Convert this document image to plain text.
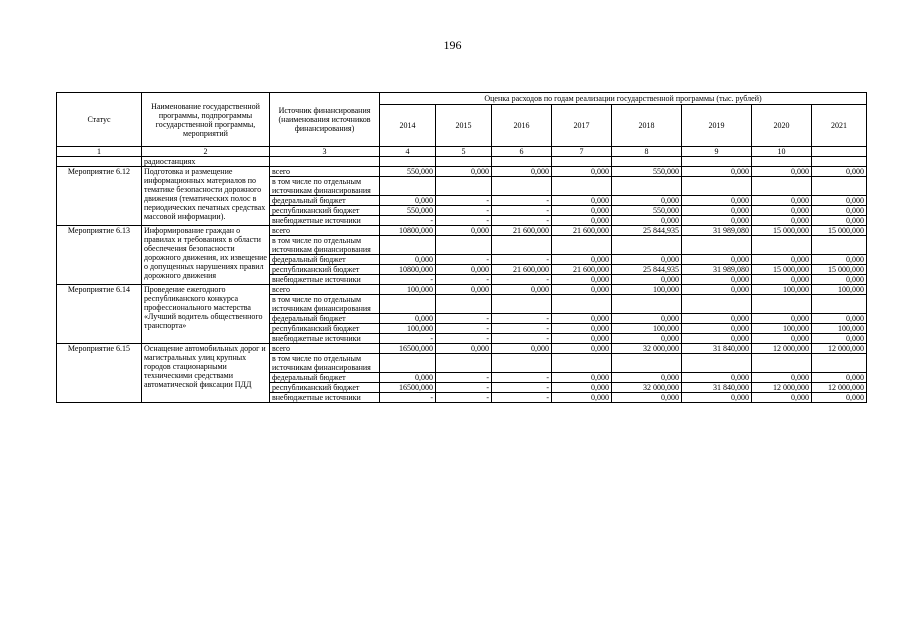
196
Статус	Наименование государственной программы, подпрограммы государственной программы, мероприятий	Источник финансирования (наименования источников финансирования)	Оценка расходов по годам реализации государственной программы (тыс. рублей)							
			2014	2015	2016	2017	2018	2019	2020	2021
1	2	3	4	5	6	7	8	9	10	
	радиостанциях									
Мероприятие 6.12	Подготовка и размещение информационных материалов по тематике безопасности дорожного движения (тематических полос в периодических печатных средствах массовой информации).	всего	550,000	0,000	0,000	0,000	550,000	0,000	0,000	0,000
		в том числе по отдельным источникам финансирования								
		федеральный бюджет	0,000	-	-	0,000	0,000	0,000	0,000	0,000
		республиканский бюджет	550,000	-	-	0,000	550,000	0,000	0,000	0,000
		внебюджетные источники	-	-	-	0,000	0,000	0,000	0,000	0,000
Мероприятие 6.13	Информирование граждан о правилах и требованиях в области обеспечения безопасности дорожного движения, их извещение о допущенных нарушениях правил дорожного движения	всего	10800,000	0,000	21 600,000	21 600,000	25 844,935	31 989,080	15 000,000	15 000,000
		в том числе по отдельным источникам финансирования								
		федеральный бюджет	0,000	-	-	0,000	0,000	0,000	0,000	0,000
		республиканский бюджет	10800,000	0,000	21 600,000	21 600,000	25 844,935	31 989,080	15 000,000	15 000,000
		внебюджетные источники	-	-	-	0,000	0,000	0,000	0,000	0,000
Мероприятие 6.14	Проведение ежегодного республиканского конкурса профессионального мастерства «Лучший водитель общественного транспорта»	всего	100,000	0,000	0,000	0,000	100,000	0,000	100,000	100,000
		в том числе по отдельным источникам финансирования								
		федеральный бюджет	0,000	-	-	0,000	0,000	0,000	0,000	0,000
		республиканский бюджет	100,000	-	-	0,000	100,000	0,000	100,000	100,000
		внебюджетные источники	-	-	-	0,000	0,000	0,000	0,000	0,000
Мероприятие 6.15	Оснащение автомобильных дорог и магистральных улиц крупных городов стационарными техническими средствами автоматической фиксации ПДД	всего	16500,000	0,000	0,000	0,000	32 000,000	31 840,000	12 000,000	12 000,000
		в том числе по отдельным источникам финансирования								
		федеральный бюджет	0,000	-	-	0,000	0,000	0,000	0,000	0,000
		республиканский бюджет	16500,000	-	-	0,000	32 000,000	31 840,000	12 000,000	12 000,000
		внебюджетные источники	-	-	-	0,000	0,000	0,000	0,000	0,000
